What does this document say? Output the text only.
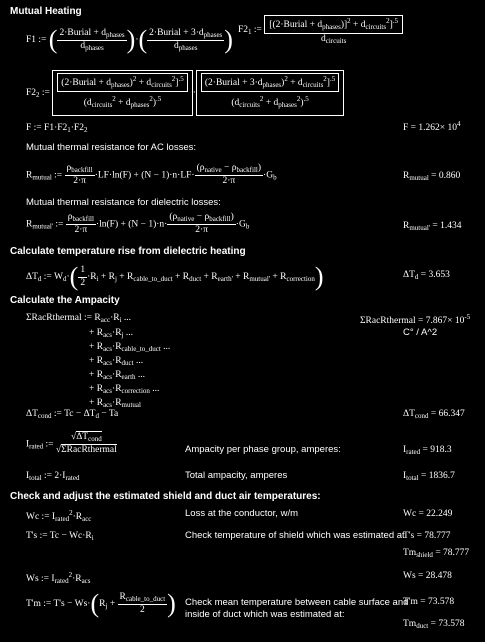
Mutual Heating
F1 := ( $\frac{2\cdot Burial + d_{phases}}{d_{phases}}$ )·( $\frac{2\cdot Burial + 3\cdot d_{phases}}{d_{phases}}$ ) $F2_1$ := $\frac{[(2\cdot Burial + d_{phases})]^2 + d_{circuits}^2]^{.5}}{d_{circuits}}$
$F2_2$ := $\frac{(2\cdot Burial + d_{phases})^2 + d_{circuits}^2]^{.5}}{(d_{circuits}^2 + d_{phases}^2)^{.5}} \cdot \frac{(2\cdot Burial + 3\cdot d_{phases})^2 + d_{circuits}^2]^{.5}}{(d_{circuits}^2 + d_{phases}^2)^{.5}}$
F := $F1\cdot F2_1\cdot F2_2$	$F = 1.262\times 10^4$
Mutual thermal resistance for AC losses:
$R_{mutual}$ := $\frac{\rho_{backfill}}{2\cdot\pi} \cdot LF\cdot\ln(F) + (N - 1)\cdot n\cdot LF\cdot \frac{(\rho_{native} - \rho_{backfill})}{2\cdot\pi} \cdot G_b$	$R_{mutual} = 0.860$
Mutual thermal resistance for dielectric losses:
$R_{mutual'}$ := $\frac{\rho_{backfill}}{2\cdot\pi} \cdot\ln(F) + (N - 1)\cdot n\cdot \frac{(\rho_{native} - \rho_{backfill})}{2\cdot\pi} \cdot G_b$	$R_{mutual'} = 1.434$
Calculate temperature rise from dielectric heating
$\Delta T_d$ := $W_d\cdot( \frac{1}{2} \cdot R_i + R_j + R_{cable\_to\_duct} + R_{duct} + R_{earth'} + R_{mutual'} + R_{correction})$	$\Delta T_d = 3.653$
Calculate the Ampacity
ΣRacRthermal := $R_{acc}\cdot R_i$ ...
+ $R_{acs}\cdot R_j$ ...
+ $R_{acs}\cdot R_{cable\_to\_duct}$ ...
+ $R_{acs}\cdot R_{duct}$ ...
+ $R_{acs}\cdot R_{earth}$ ...
+ $R_{acs}\cdot R_{correction}$ ...
+ $R_{acs}\cdot R_{mutual}$
ΣRacRthermal = $7.867\times 10^{-5}$
C° / A^2
$\Delta T_{cond}$ := $Tc - \Delta T_d - Ta$	$\Delta T_{cond} = 66.347$
$I_{rated}$ := $\frac{√\Delta T_{cond}}{\text{√ΣRacRthermal}}$	Ampacity per phase group, amperes:	$I_{rated} = 918.3$
$I_{total}$ := $2\cdot I_{rated}$	Total ampacity, amperes	$I_{total} = 1836.7$
Check and adjust the estimated shield and duct air temperatures:
Wc := $I_{rated}^2\cdot R_{acc}$	Loss at the conductor, w/m	Wc = 22.249
T's := $Tc - Wc\cdot R_i$	Check temperature of shield which was estimated at
T's = 78.777
$Tm_{shield} = 78.777$
Ws := $I_{rated}^2\cdot R_{acs}$	Ws = 28.478
T'm := $T's - Ws\cdot(R_j + \frac{R_{cable\_to\_duct}}{2}$ ) Check mean temperature between cable surface and
inside of duct which was estimated at:
T'm = 73.578
$Tm_{duct} = 73.578$
